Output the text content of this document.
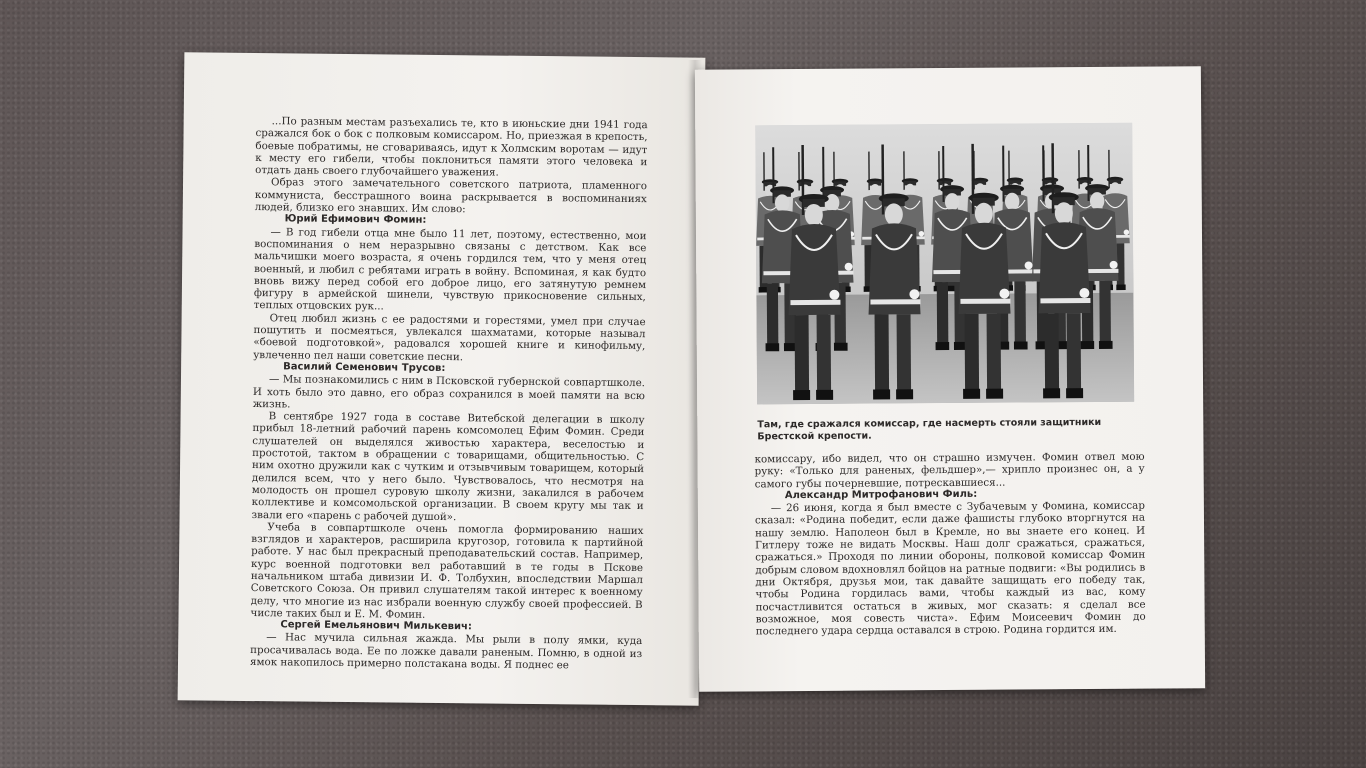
...По разным местам разъехались те, кто в июньские дни 1941 года сражался бок о бок с полковым комиссаром. Но, приезжая в крепость, боевые побратимы, не сговариваясь, идут к Холмским воротам — идут к месту его гибели, чтобы поклониться памяти этого человека и отдать дань своего глубочайшего уважения.

Образ этого замечательного советского патриота, пламенного коммуниста, бесстрашного воина раскрывается в воспоминаниях людей, близко его знавших. Им слово:

Юрий Ефимович Фомин:

— В год гибели отца мне было 11 лет, поэтому, естественно, мои воспоминания о нем неразрывно связаны с детством. Как все мальчишки моего возраста, я очень гордился тем, что у меня отец военный, и любил с ребятами играть в войну. Вспоминая, я как будто вновь вижу перед собой его доброе лицо, его затянутую ремнем фигуру в армейской шинели, чувствую прикосновение сильных, теплых отцовских рук...

Отец любил жизнь с ее радостями и горестями, умел при случае пошутить и посмеяться, увлекался шахматами, которые называл «боевой подготовкой», радовался хорошей книге и кинофильму, увлеченно пел наши советские песни.

Василий Семенович Трусов:

— Мы познакомились с ним в Псковской губернской совпартшколе. И хоть было это давно, его образ сохранился в моей памяти на всю жизнь.

В сентябре 1927 года в составе Витебской делегации в школу прибыл 18-летний рабочий парень комсомолец Ефим Фомин. Среди слушателей он выделялся живостью характера, веселостью и простотой, тактом в обращении с товарищами, общительностью. С ним охотно дружили как с чутким и отзывчивым товарищем, который делился всем, что у него было. Чувствовалось, что несмотря на молодость он прошел суровую школу жизни, закалился в рабочем коллективе и комсомольской организации. В своем кругу мы так и звали его «парень с рабочей душой».

Учеба в совпартшколе очень помогла формированию наших взглядов и характеров, расширила кругозор, готовила к партийной работе. У нас был прекрасный преподавательский состав. Например, курс военной подготовки вел работавший в те годы в Пскове начальником штаба дивизии И. Ф. Толбухин, впоследствии Маршал Советского Союза. Он привил слушателям такой интерес к военному делу, что многие из нас избрали военную службу своей профессией. В числе таких был и Е. М. Фомин.

Сергей Емельянович Милькевич:

— Нас мучила сильная жажда. Мы рыли в полу ямки, куда просачивалась вода. Ее по ложке давали раненым. Помню, в одной из ямок накопилось примерно полстакана воды. Я поднес ее

Там, где сражался комиссар, где насмерть стояли защитники Брестской крепости.

комиссару, ибо видел, что он страшно измучен. Фомин отвел мою руку: «Только для раненых, фельдшер»,— хрипло произнес он, а у самого губы почерневшие, потрескавшиеся...

Александр Митрофанович Филь:

— 26 июня, когда я был вместе с Зубачевым у Фомина, комиссар сказал: «Родина победит, если даже фашисты глубоко вторгнутся на нашу землю. Наполеон был в Кремле, но вы знаете его конец. И Гитлеру тоже не видать Москвы. Наш долг сражаться, сражаться, сражаться.» Проходя по линии обороны, полковой комиссар Фомин добрым словом вдохновлял бойцов на ратные подвиги: «Вы родились в дни Октября, друзья мои, так давайте защищать его победу так, чтобы Родина гордилась вами, чтобы каждый из вас, кому посчастливится остаться в живых, мог сказать: я сделал все возможное, моя совесть чиста». Ефим Моисеевич Фомин до последнего удара сердца оставался в строю. Родина гордится им.
